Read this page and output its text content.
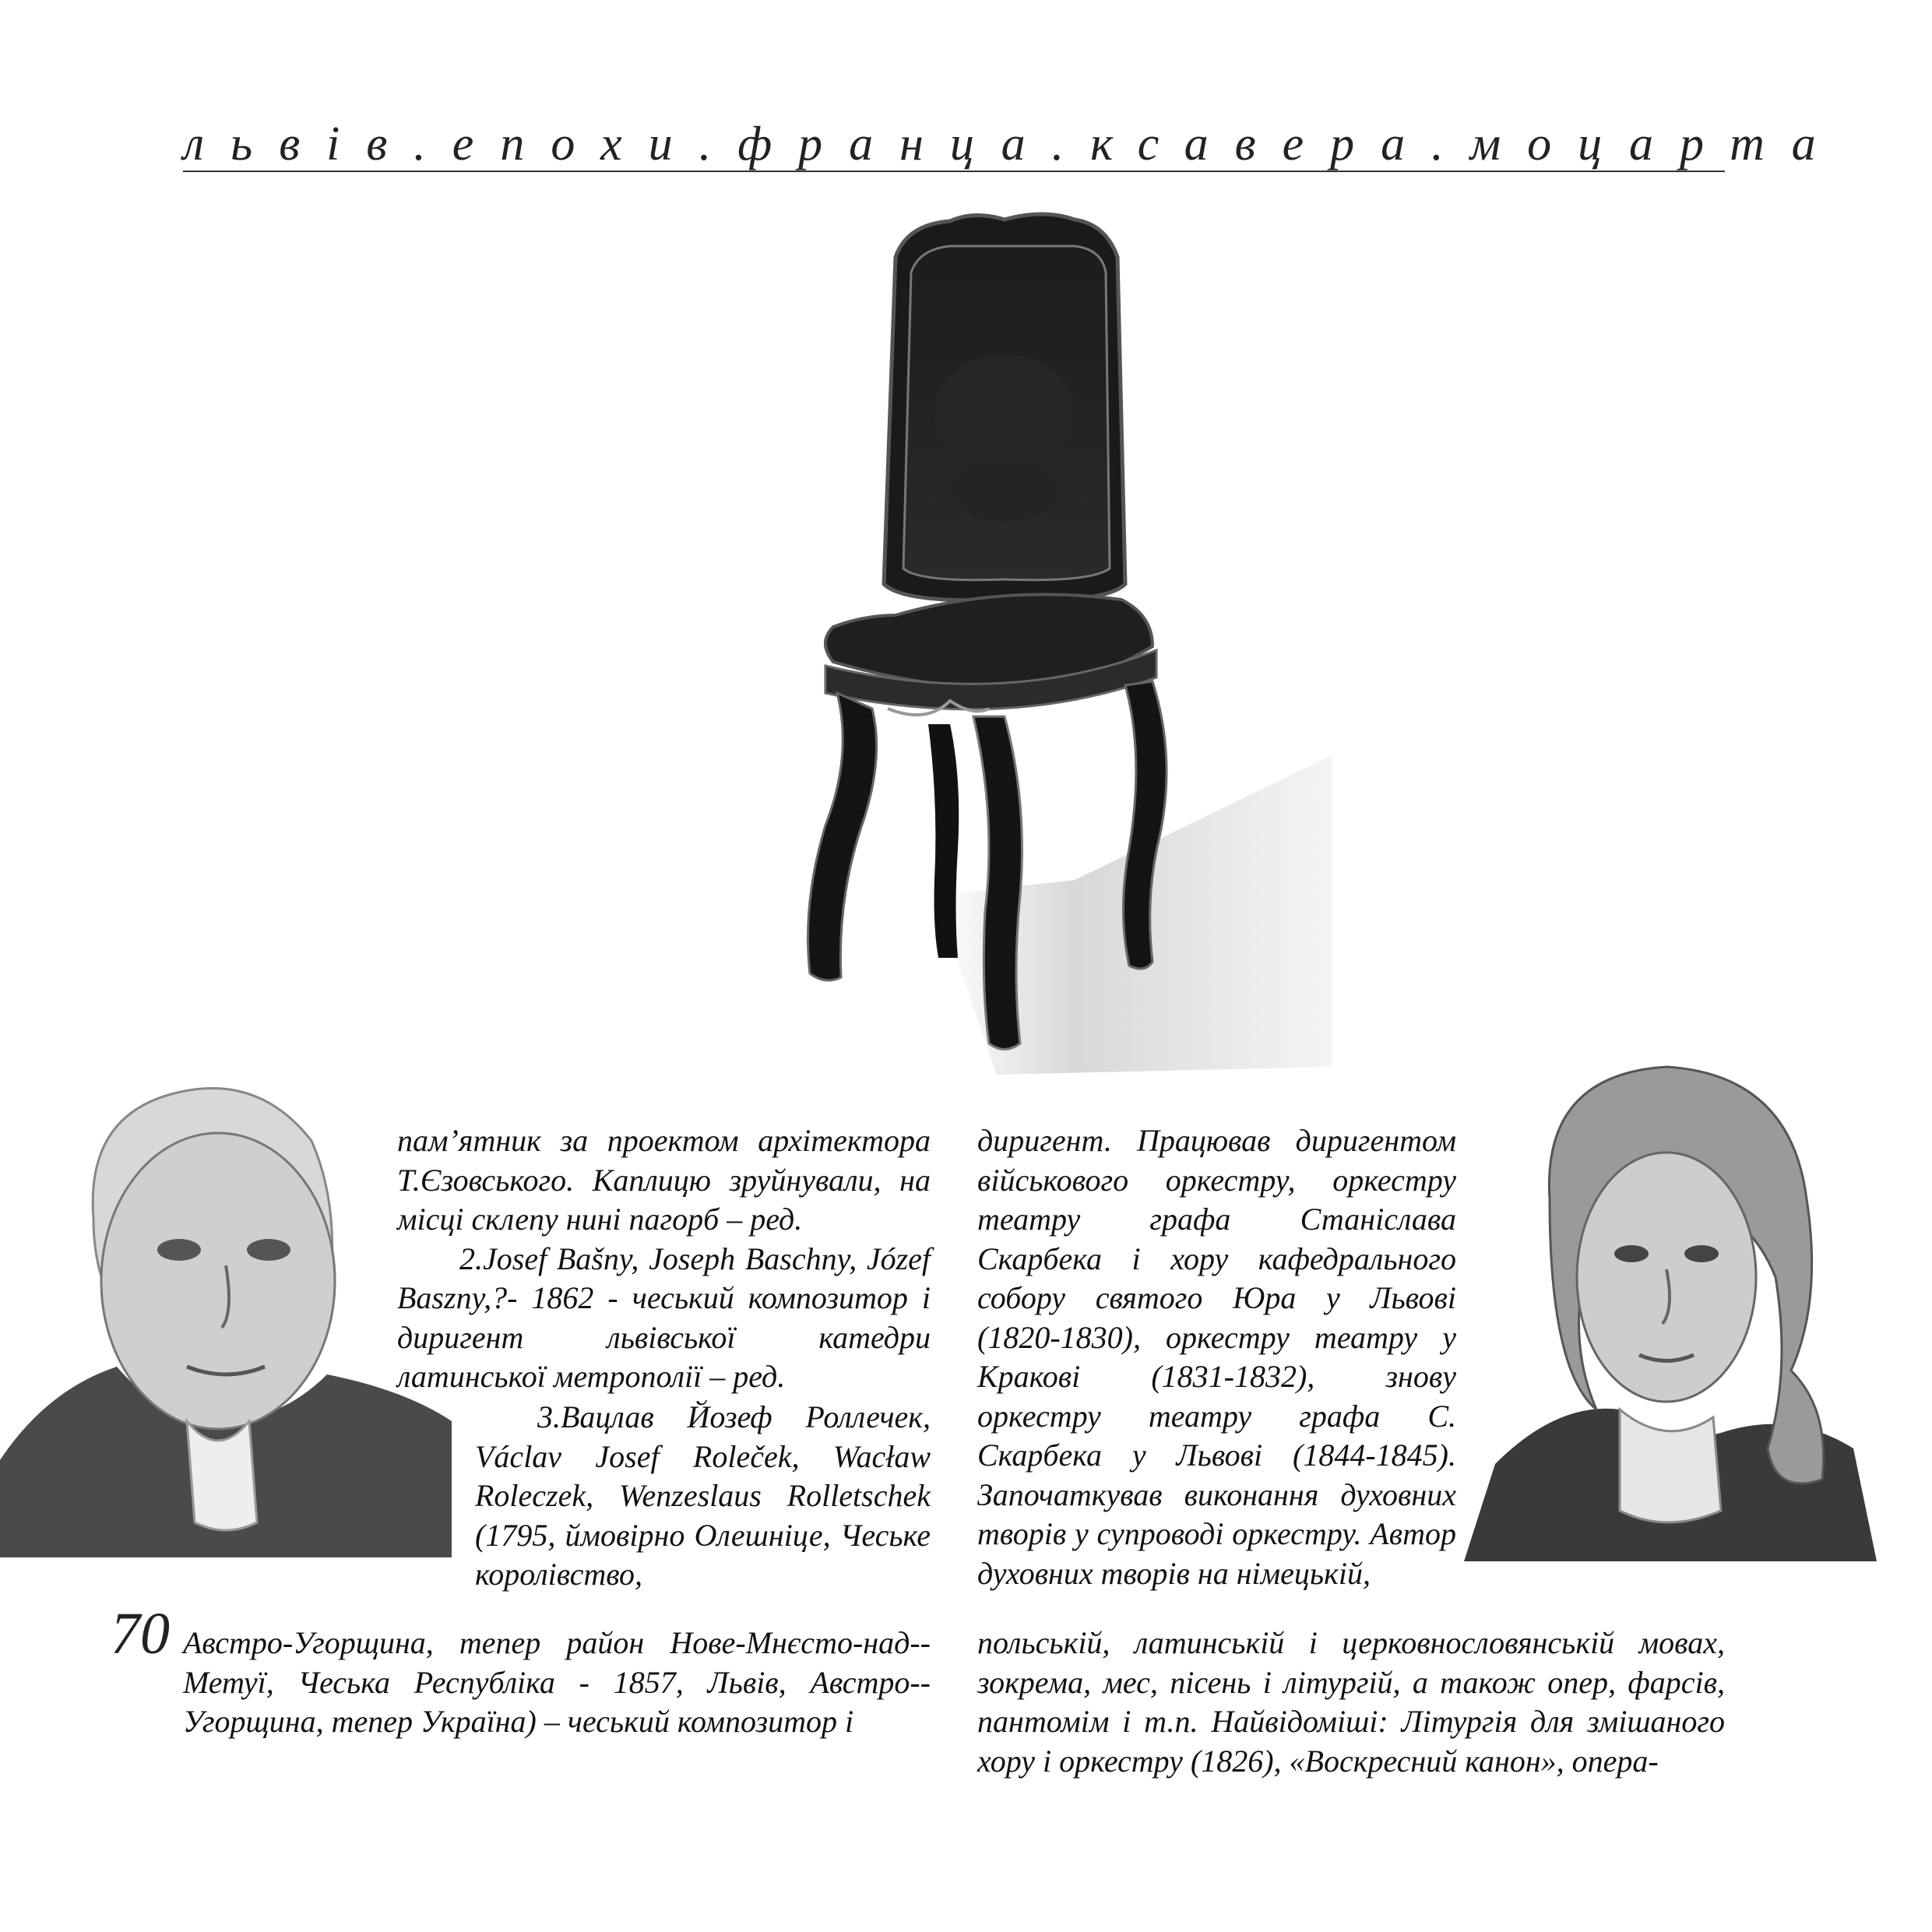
львів.епохи.франца.ксавера.моцарта

пам’ятник за проектом архітектора Т.Єзовського. Каплицю зруйнували, на місці склепу нині пагорб – ред.

2.Josef Bašny, Joseph Baschny, Józef Baszny,?- 1862 - чеський композитор і диригент львівської катедри латинської метрополії – ред.

3.Вацлав Йозеф Роллечек, Václav Josef Roleček, Wacław Roleczek, Wenzeslaus Rolletschek (1795, ймовірно Олешніце, Чеське королівство,

Австро-Угорщина, тепер район Нове-Мнєсто-над--Метуї, Чеська Республіка - 1857, Львів, Австро--Угорщина, тепер Україна) – чеський композитор і

диригент. Працював диригентом військового оркестру, оркестру театру графа Станіслава Скарбека і хору кафедрального собору святого Юра у Львові (1820-1830), оркестру театру у Кракові (1831-1832), знову оркестру театру графа С. Скарбека у Львові (1844-1845). Започаткував виконання духовних творів у супроводі оркестру. Автор духовних творів на німецькій,

польській, латинській і церковнословянській мовах, зокрема, мес, пісень і літургій, а також опер, фарсів, пантомім і т.п. Найвідоміші: Літургія для змішаного хору і оркестру (1826), «Воскресний канон», опера-

70
